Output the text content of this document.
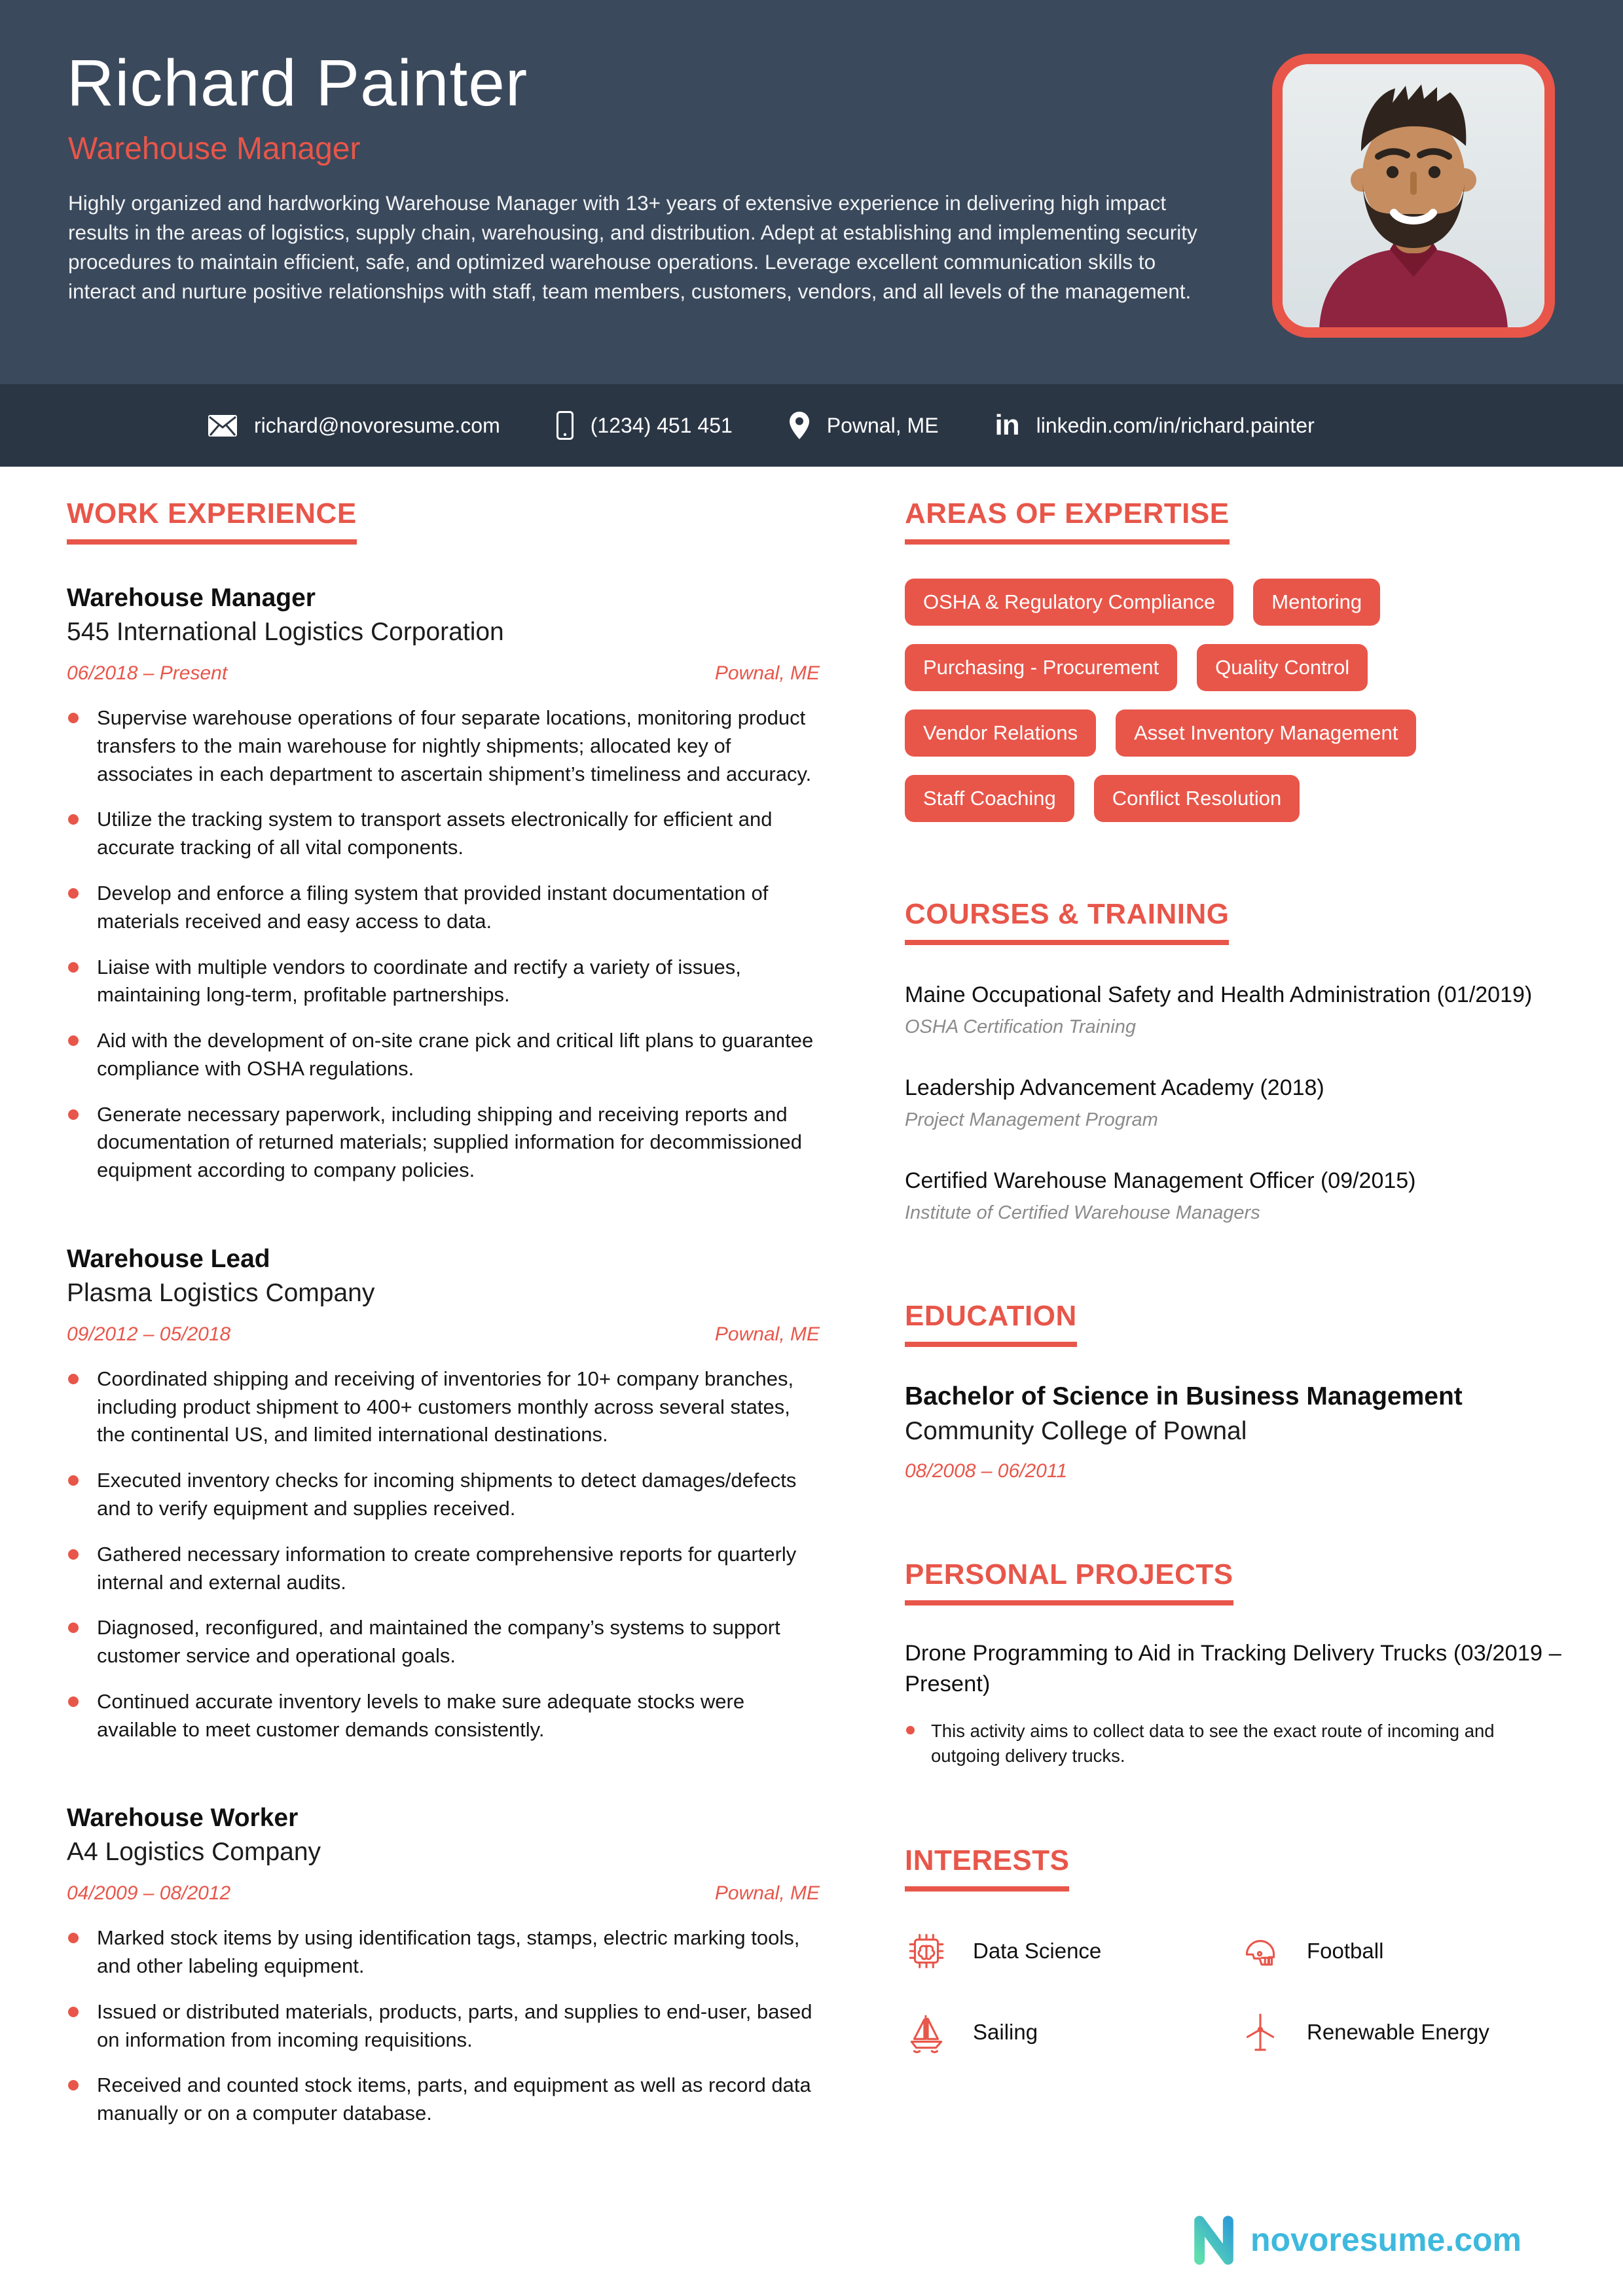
Richard Painter
Warehouse Manager
Highly organized and hardworking Warehouse Manager with 13+ years of extensive experience in delivering high impact results in the areas of logistics, supply chain, warehousing, and distribution. Adept at establishing and implementing security procedures to maintain efficient, safe, and optimized warehouse operations. Leverage excellent communication skills to interact and nurture positive relationships with staff, team members, customers, vendors, and all levels of the management.
richard@novoresume.com	(1234) 451 451	Pownal, ME in linkedin.com/in/richard.painter
WORK EXPERIENCE
Warehouse Manager
545 International Logistics Corporation
06/2018 – Present	Pownal, ME
Supervise warehouse operations of four separate locations, monitoring product transfers to the main warehouse for nightly shipments; allocated key of associates in each department to ascertain shipment’s timeliness and accuracy.
Utilize the tracking system to transport assets electronically for efficient and accurate tracking of all vital components.
Develop and enforce a filing system that provided instant documentation of materials received and easy access to data.
Liaise with multiple vendors to coordinate and rectify a variety of issues, maintaining long-term, profitable partnerships.
Aid with the development of on-site crane pick and critical lift plans to guarantee compliance with OSHA regulations.
Generate necessary paperwork, including shipping and receiving reports and documentation of returned materials; supplied information for decommissioned equipment according to company policies.
Warehouse Lead
Plasma Logistics Company
09/2012 – 05/2018	Pownal, ME
Coordinated shipping and receiving of inventories for 10+ company branches, including product shipment to 400+ customers monthly across several states, the continental US, and limited international destinations.
Executed inventory checks for incoming shipments to detect damages/defects and to verify equipment and supplies received.
Gathered necessary information to create comprehensive reports for quarterly internal and external audits.
Diagnosed, reconfigured, and maintained the company’s systems to support customer service and operational goals.
Continued accurate inventory levels to make sure adequate stocks were available to meet customer demands consistently.
Warehouse Worker
A4 Logistics Company
04/2009 – 08/2012	Pownal, ME
Marked stock items by using identification tags, stamps, electric marking tools, and other labeling equipment.
Issued or distributed materials, products, parts, and supplies to end-user, based on information from incoming requisitions.
Received and counted stock items, parts, and equipment as well as record data manually or on a computer database.
AREAS OF EXPERTISE
OSHA & Regulatory Compliance	Mentoring
Purchasing - Procurement	Quality Control
Vendor Relations	Asset Inventory Management
Staff Coaching	Conflict Resolution
COURSES & TRAINING
Maine Occupational Safety and Health Administration (01/2019)
OSHA Certification Training
Leadership Advancement Academy (2018)
Project Management Program
Certified Warehouse Management Officer (09/2015)
Institute of Certified Warehouse Managers
EDUCATION
Bachelor of Science in Business Management
Community College of Pownal
08/2008 – 06/2011
PERSONAL PROJECTS
Drone Programming to Aid in Tracking Delivery Trucks (03/2019 – Present)
This activity aims to collect data to see the exact route of incoming and outgoing delivery trucks.
INTERESTS
Data Science	Football
Sailing	Renewable Energy
novoresume.com
